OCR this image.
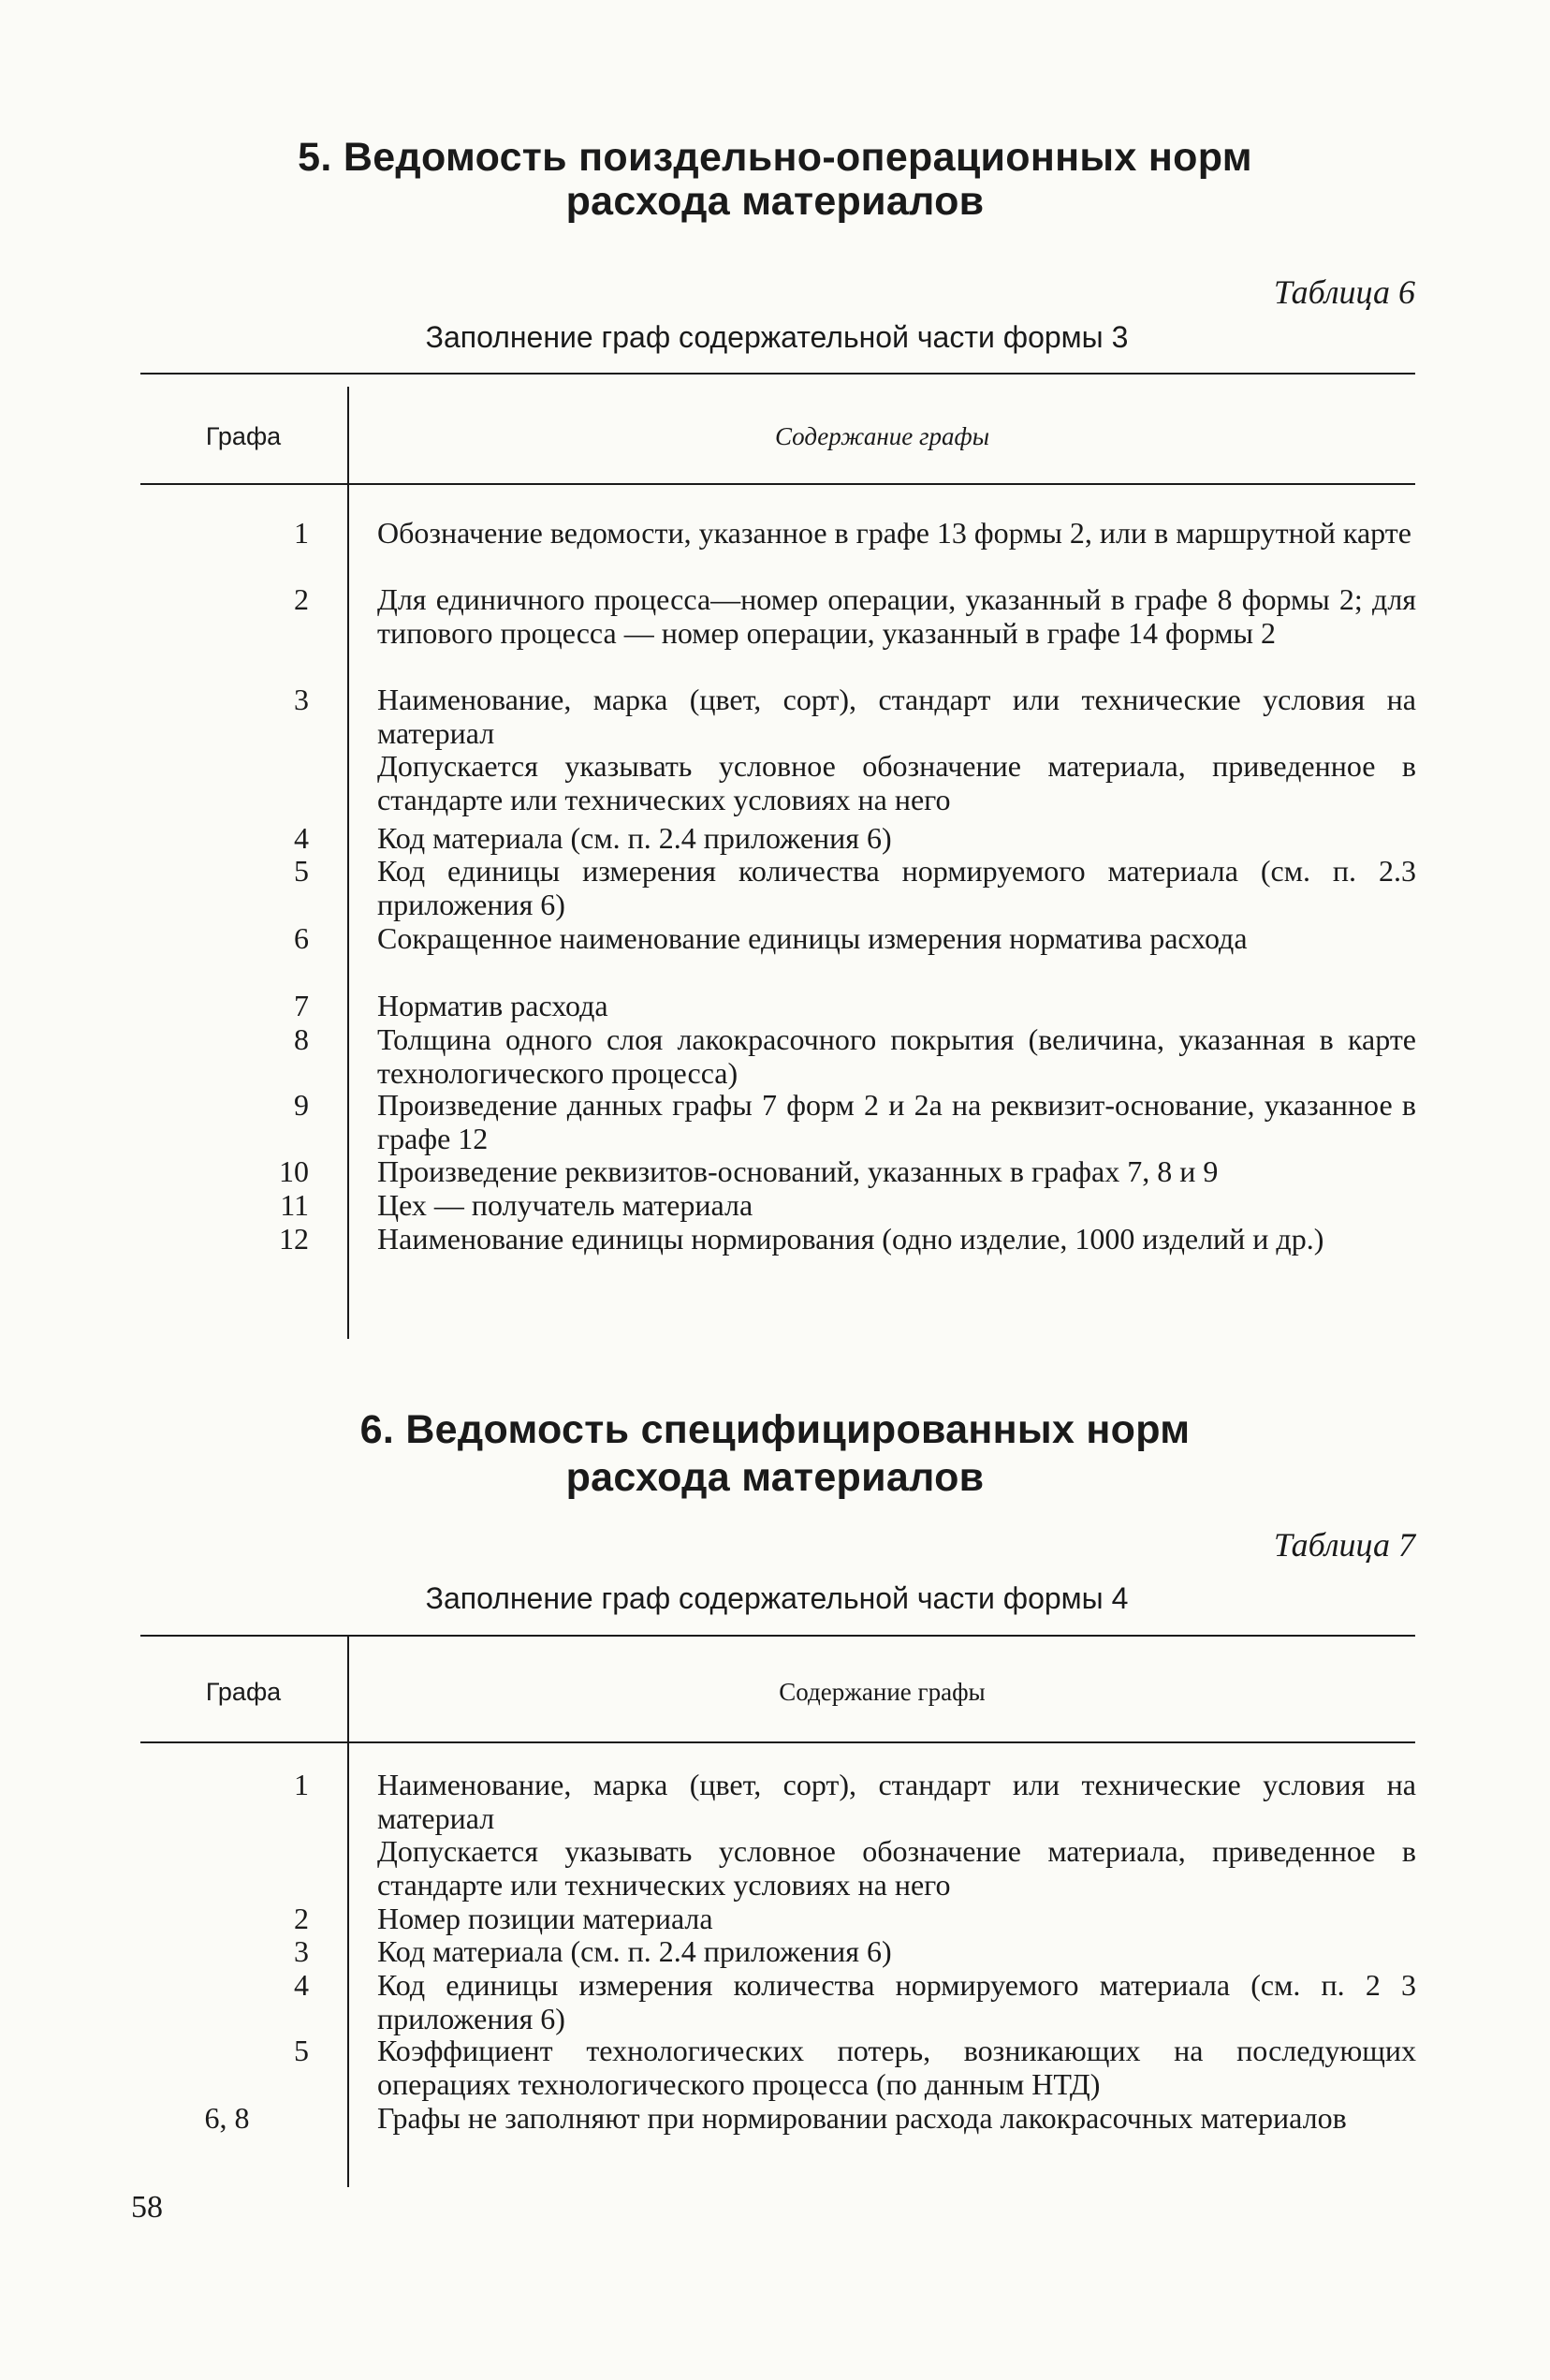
5. Ведомость поиздельно-операционных норм
расхода материалов
Таблица 6
Заполнение граф содержательной части формы 3
Графа	Содержание графы
1 Обозначение ведомости, указанное в графе 13 формы 2, или в маршрутной карте

2 Для единичного процесса—номер операции, указанный в графе 8 формы 2; для типового процесса — номер операции, указанный в графе 14 формы 2

3 Наименование, марка (цвет, сорт), стандарт или технические условия на материал

Допускается указывать условное обозначение материала, приведенное в стандарте или технических условиях на него

4 Код материала (см. п. 2.4 приложения 6)

5 Код единицы измерения количества нормируемого материала (см. п. 2.3 приложения 6)

6 Сокращенное наименование единицы измерения норматива расхода

7 Норматив расхода

8 Толщина одного слоя лакокрасочного покрытия (величина, указанная в карте технологического процесса)

9 Произведение данных графы 7 форм 2 и 2а на реквизит-основание, указанное в графе 12

10 Произведение реквизитов-оснований, указанных в графах 7, 8 и 9

11 Цех — получатель материала

12 Наименование единицы нормирования (одно изделие, 1000 изделий и др.)

6. Ведомость специфицированных норм
расхода материалов
Таблица 7
Заполнение граф содержательной части формы 4
Графа	Содержание графы
1 Наименование, марка (цвет, сорт), стандарт или технические условия на материал

Допускается указывать условное обозначение материала, приведенное в стандарте или технических условиях на него

2 Номер позиции материала

3 Код материала (см. п. 2.4 приложения 6)

4 Код единицы измерения количества нормируемого материала (см. п. 2 3 приложения 6)

5 Коэффициент технологических потерь, возникающих на последующих операциях технологического процесса (по данным НТД)

6, 8	Графы не заполняют при нормировании расхода лакокрасочных материалов

58
